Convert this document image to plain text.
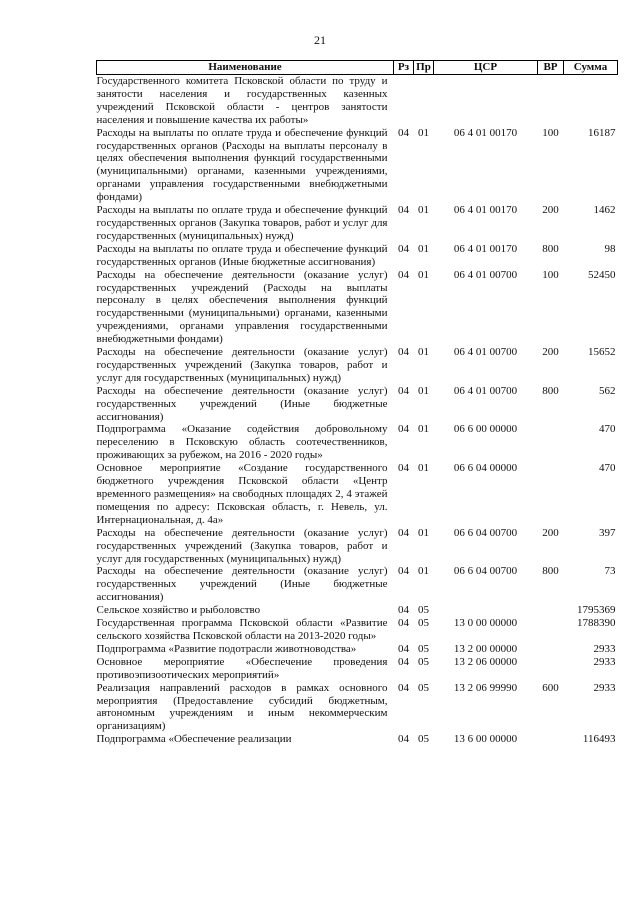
21
Наименование	Рз	Пр	ЦСР	ВР	Сумма
Государственного комитета Псковской области по труду и занятости населения и государственных казенных учреждений Псковской области - центров занятости населения и повышение качества их работы»					
Расходы на выплаты по оплате труда и обеспечение функций государственных органов (Расходы на выплаты персоналу в целях обеспечения выполнения функций государственными (муниципальными) органами, казенными учреждениями, органами управления государственными внебюджетными фондами)	04	01	06 4 01 00170	100	16187
Расходы на выплаты по оплате труда и обеспечение функций государственных органов (Закупка товаров, работ и услуг для государственных (муниципальных) нужд)	04	01	06 4 01 00170	200	1462
Расходы на выплаты по оплате труда и обеспечение функций государственных органов (Иные бюджетные ассигнования)	04	01	06 4 01 00170	800	98
Расходы на обеспечение деятельности (оказание услуг) государственных учреждений (Расходы на выплаты персоналу в целях обеспечения выполнения функций государственными (муниципальными) органами, казенными учреждениями, органами управления государственными внебюджетными фондами)	04	01	06 4 01 00700	100	52450
Расходы на обеспечение деятельности (оказание услуг) государственных учреждений (Закупка товаров, работ и услуг для государственных (муниципальных) нужд)	04	01	06 4 01 00700	200	15652
Расходы на обеспечение деятельности (оказание услуг) государственных учреждений (Иные бюджетные ассигнования)	04	01	06 4 01 00700	800	562
Подпрограмма «Оказание содействия добровольному переселению в Псковскую область соотечественников, проживающих за рубежом, на 2016 - 2020 годы»	04	01	06 6 00 00000		470
Основное мероприятие «Создание государственного бюджетного учреждения Псковской области «Центр временного размещения» на свободных площадях 2, 4 этажей помещения по адресу: Псковская область, г. Невель, ул. Интернациональная, д. 4а»	04	01	06 6 04 00000		470
Расходы на обеспечение деятельности (оказание услуг) государственных учреждений (Закупка товаров, работ и услуг для государственных (муниципальных) нужд)	04	01	06 6 04 00700	200	397
Расходы на обеспечение деятельности (оказание услуг) государственных учреждений (Иные бюджетные ассигнования)	04	01	06 6 04 00700	800	73
Сельское хозяйство и рыболовство	04	05			1795369
Государственная программа Псковской области «Развитие сельского хозяйства Псковской области на 2013-2020 годы»	04	05	13 0 00 00000		1788390
Подпрограмма «Развитие подотрасли животноводства»	04	05	13 2 00 00000		2933
Основное мероприятие «Обеспечение проведения противоэпизоотических мероприятий»	04	05	13 2 06 00000		2933
Реализация направлений расходов в рамках основного мероприятия (Предоставление субсидий бюджетным, автономным учреждениям и иным некоммерческим организациям)	04	05	13 2 06 99990	600	2933
Подпрограмма «Обеспечение реализации	04	05	13 6 00 00000		116493
